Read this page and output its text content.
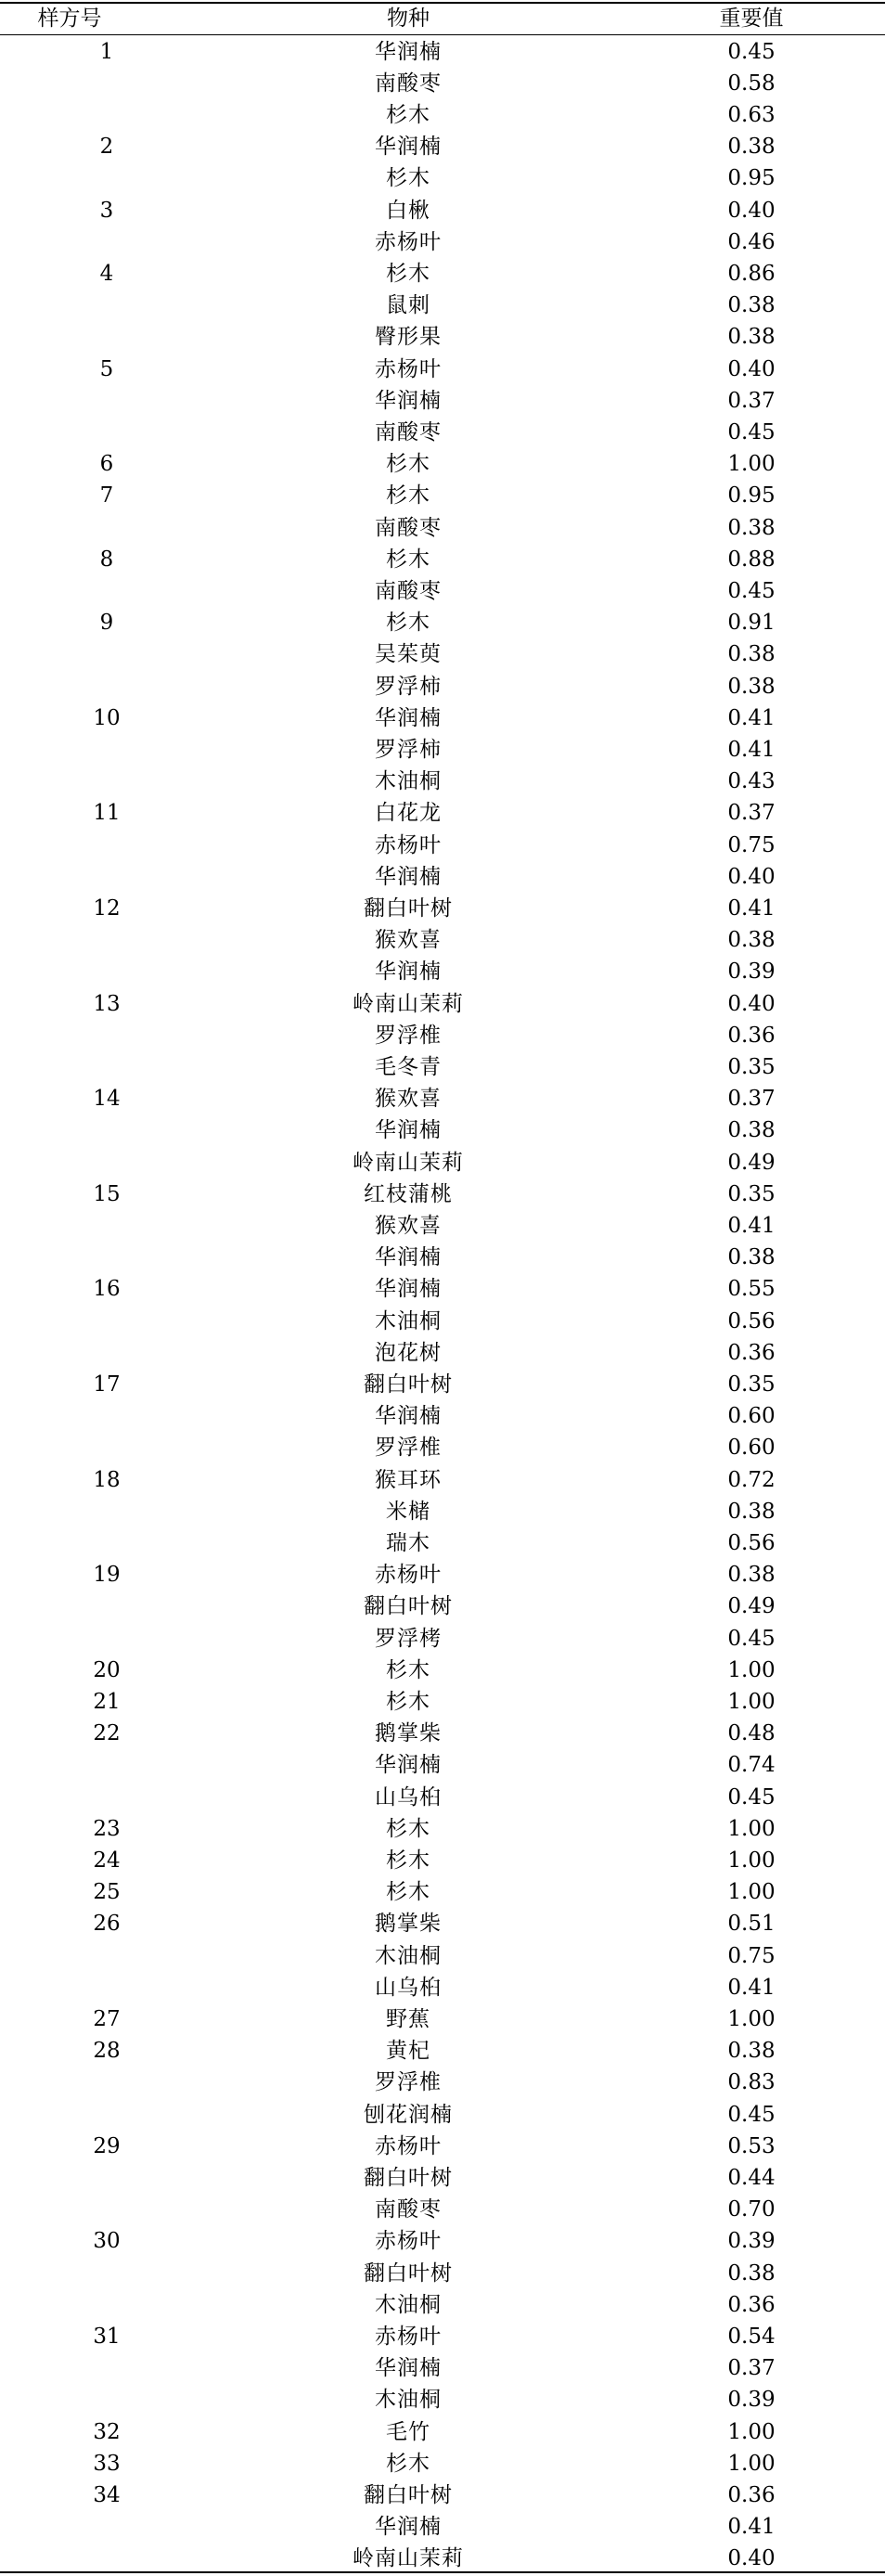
样方号	物种	重要值
1	华润楠	0.45
南酸枣	0.58
杉木	0.63
2	华润楠	0.38
杉木	0.95
3	白楸	0.40
赤杨叶	0.46
4	杉木	0.86
鼠刺	0.38
臀形果	0.38
5	赤杨叶	0.40
华润楠	0.37
南酸枣	0.45
6	杉木	1.00
7	杉木	0.95
南酸枣	0.38
8	杉木	0.88
南酸枣	0.45
9	杉木	0.91
吴茱萸	0.38
罗浮柿	0.38
10	华润楠	0.41
罗浮柿	0.41
木油桐	0.43
11	白花龙	0.37
赤杨叶	0.75
华润楠	0.40
12	翻白叶树	0.41
猴欢喜	0.38
华润楠	0.39
13	岭南山茉莉	0.40
罗浮椎	0.36
毛冬青	0.35
14	猴欢喜	0.37
华润楠	0.38
岭南山茉莉	0.49
15	红枝蒲桃	0.35
猴欢喜	0.41
华润楠	0.38
16	华润楠	0.55
木油桐	0.56
泡花树	0.36
17	翻白叶树	0.35
华润楠	0.60
罗浮椎	0.60
18	猴耳环	0.72
米槠	0.38
瑞木	0.56
19	赤杨叶	0.38
翻白叶树	0.49
罗浮栲	0.45
20	杉木	1.00
21	杉木	1.00
22	鹅掌柴	0.48
华润楠	0.74
山乌桕	0.45
23	杉木	1.00
24	杉木	1.00
25	杉木	1.00
26	鹅掌柴	0.51
木油桐	0.75
山乌桕	0.41
27	野蕉	1.00
28	黄杞	0.38
罗浮椎	0.83
刨花润楠	0.45
29	赤杨叶	0.53
翻白叶树	0.44
南酸枣	0.70
30	赤杨叶	0.39
翻白叶树	0.38
木油桐	0.36
31	赤杨叶	0.54
华润楠	0.37
木油桐	0.39
32	毛竹	1.00
33	杉木	1.00
34	翻白叶树	0.36
华润楠	0.41
岭南山茉莉	0.40
